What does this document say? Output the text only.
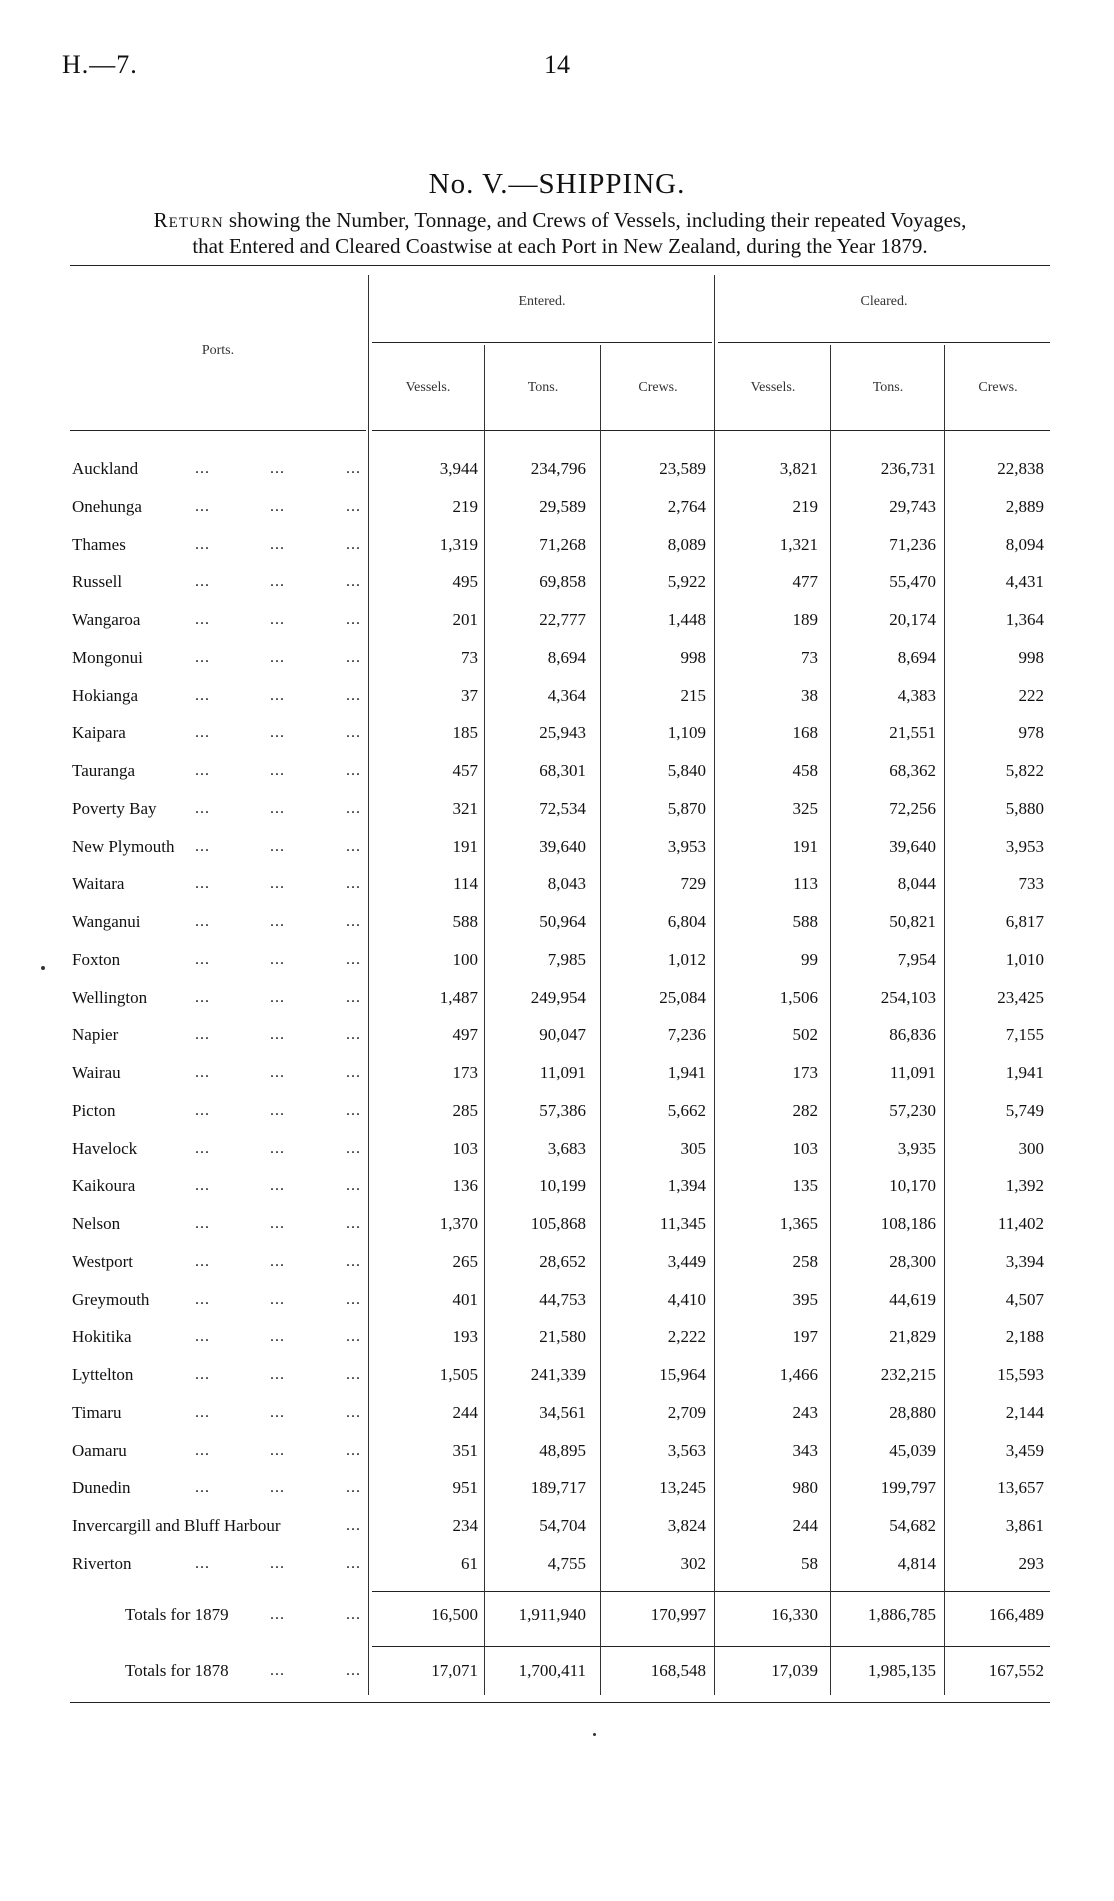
H.—7.	14
No. V.—SHIPPING.
Return showing the Number, Tonnage, and Crews of Vessels, including their repeated Voyages,
that Entered and Cleared Coastwise at each Port in New Zealand, during the Year 1879.
Ports.
Entered.	Cleared.
Vessels.	Tons.	Crews.	Vessels.	Tons.	Crews.
Auckland	...	...	...	3,944	234,796	23,589	3,821	236,731	22,838
Onehunga	...	...	...	219	29,589	2,764	219	29,743	2,889
Thames	...	...	...	1,319	71,268	8,089	1,321	71,236	8,094
Russell	...	...	...	495	69,858	5,922	477	55,470	4,431
Wangaroa	...	...	...	201	22,777	1,448	189	20,174	1,364
Mongonui	...	...	...	73	8,694	998	73	8,694	998
Hokianga	...	...	...	37	4,364	215	38	4,383	222
Kaipara	...	...	...	185	25,943	1,109	168	21,551	978
Tauranga	...	...	...	457	68,301	5,840	458	68,362	5,822
Poverty Bay	...	...	...	321	72,534	5,870	325	72,256	5,880
New Plymouth	...	...	...	191	39,640	3,953	191	39,640	3,953
Waitara	...	...	...	114	8,043	729	113	8,044	733
Wanganui	...	...	...	588	50,964	6,804	588	50,821	6,817
Foxton	...	...	...	100	7,985	1,012	99	7,954	1,010
Wellington	...	...	...	1,487	249,954	25,084	1,506	254,103	23,425
Napier	...	...	...	497	90,047	7,236	502	86,836	7,155
Wairau	...	...	...	173	11,091	1,941	173	11,091	1,941
Picton	...	...	...	285	57,386	5,662	282	57,230	5,749
Havelock	...	...	...	103	3,683	305	103	3,935	300
Kaikoura	...	...	...	136	10,199	1,394	135	10,170	1,392
Nelson	...	...	...	1,370	105,868	11,345	1,365	108,186	11,402
Westport	...	...	...	265	28,652	3,449	258	28,300	3,394
Greymouth	...	...	...	401	44,753	4,410	395	44,619	4,507
Hokitika	...	...	...	193	21,580	2,222	197	21,829	2,188
Lyttelton	...	...	...	1,505	241,339	15,964	1,466	232,215	15,593
Timaru	...	...	...	244	34,561	2,709	243	28,880	2,144
Oamaru	...	...	...	351	48,895	3,563	343	45,039	3,459
Dunedin	...	...	...	951	189,717	13,245	980	199,797	13,657
Invercargill and Bluff Harbour	...	234	54,704	3,824	244	54,682	3,861
Riverton	...	...	...	61	4,755	302	58	4,814	293
Totals for 1879	...	...	16,500	1,911,940	170,997	16,330	1,886,785	166,489
Totals for 1878	...	...	17,071	1,700,411	168,548	17,039	1,985,135	167,552
